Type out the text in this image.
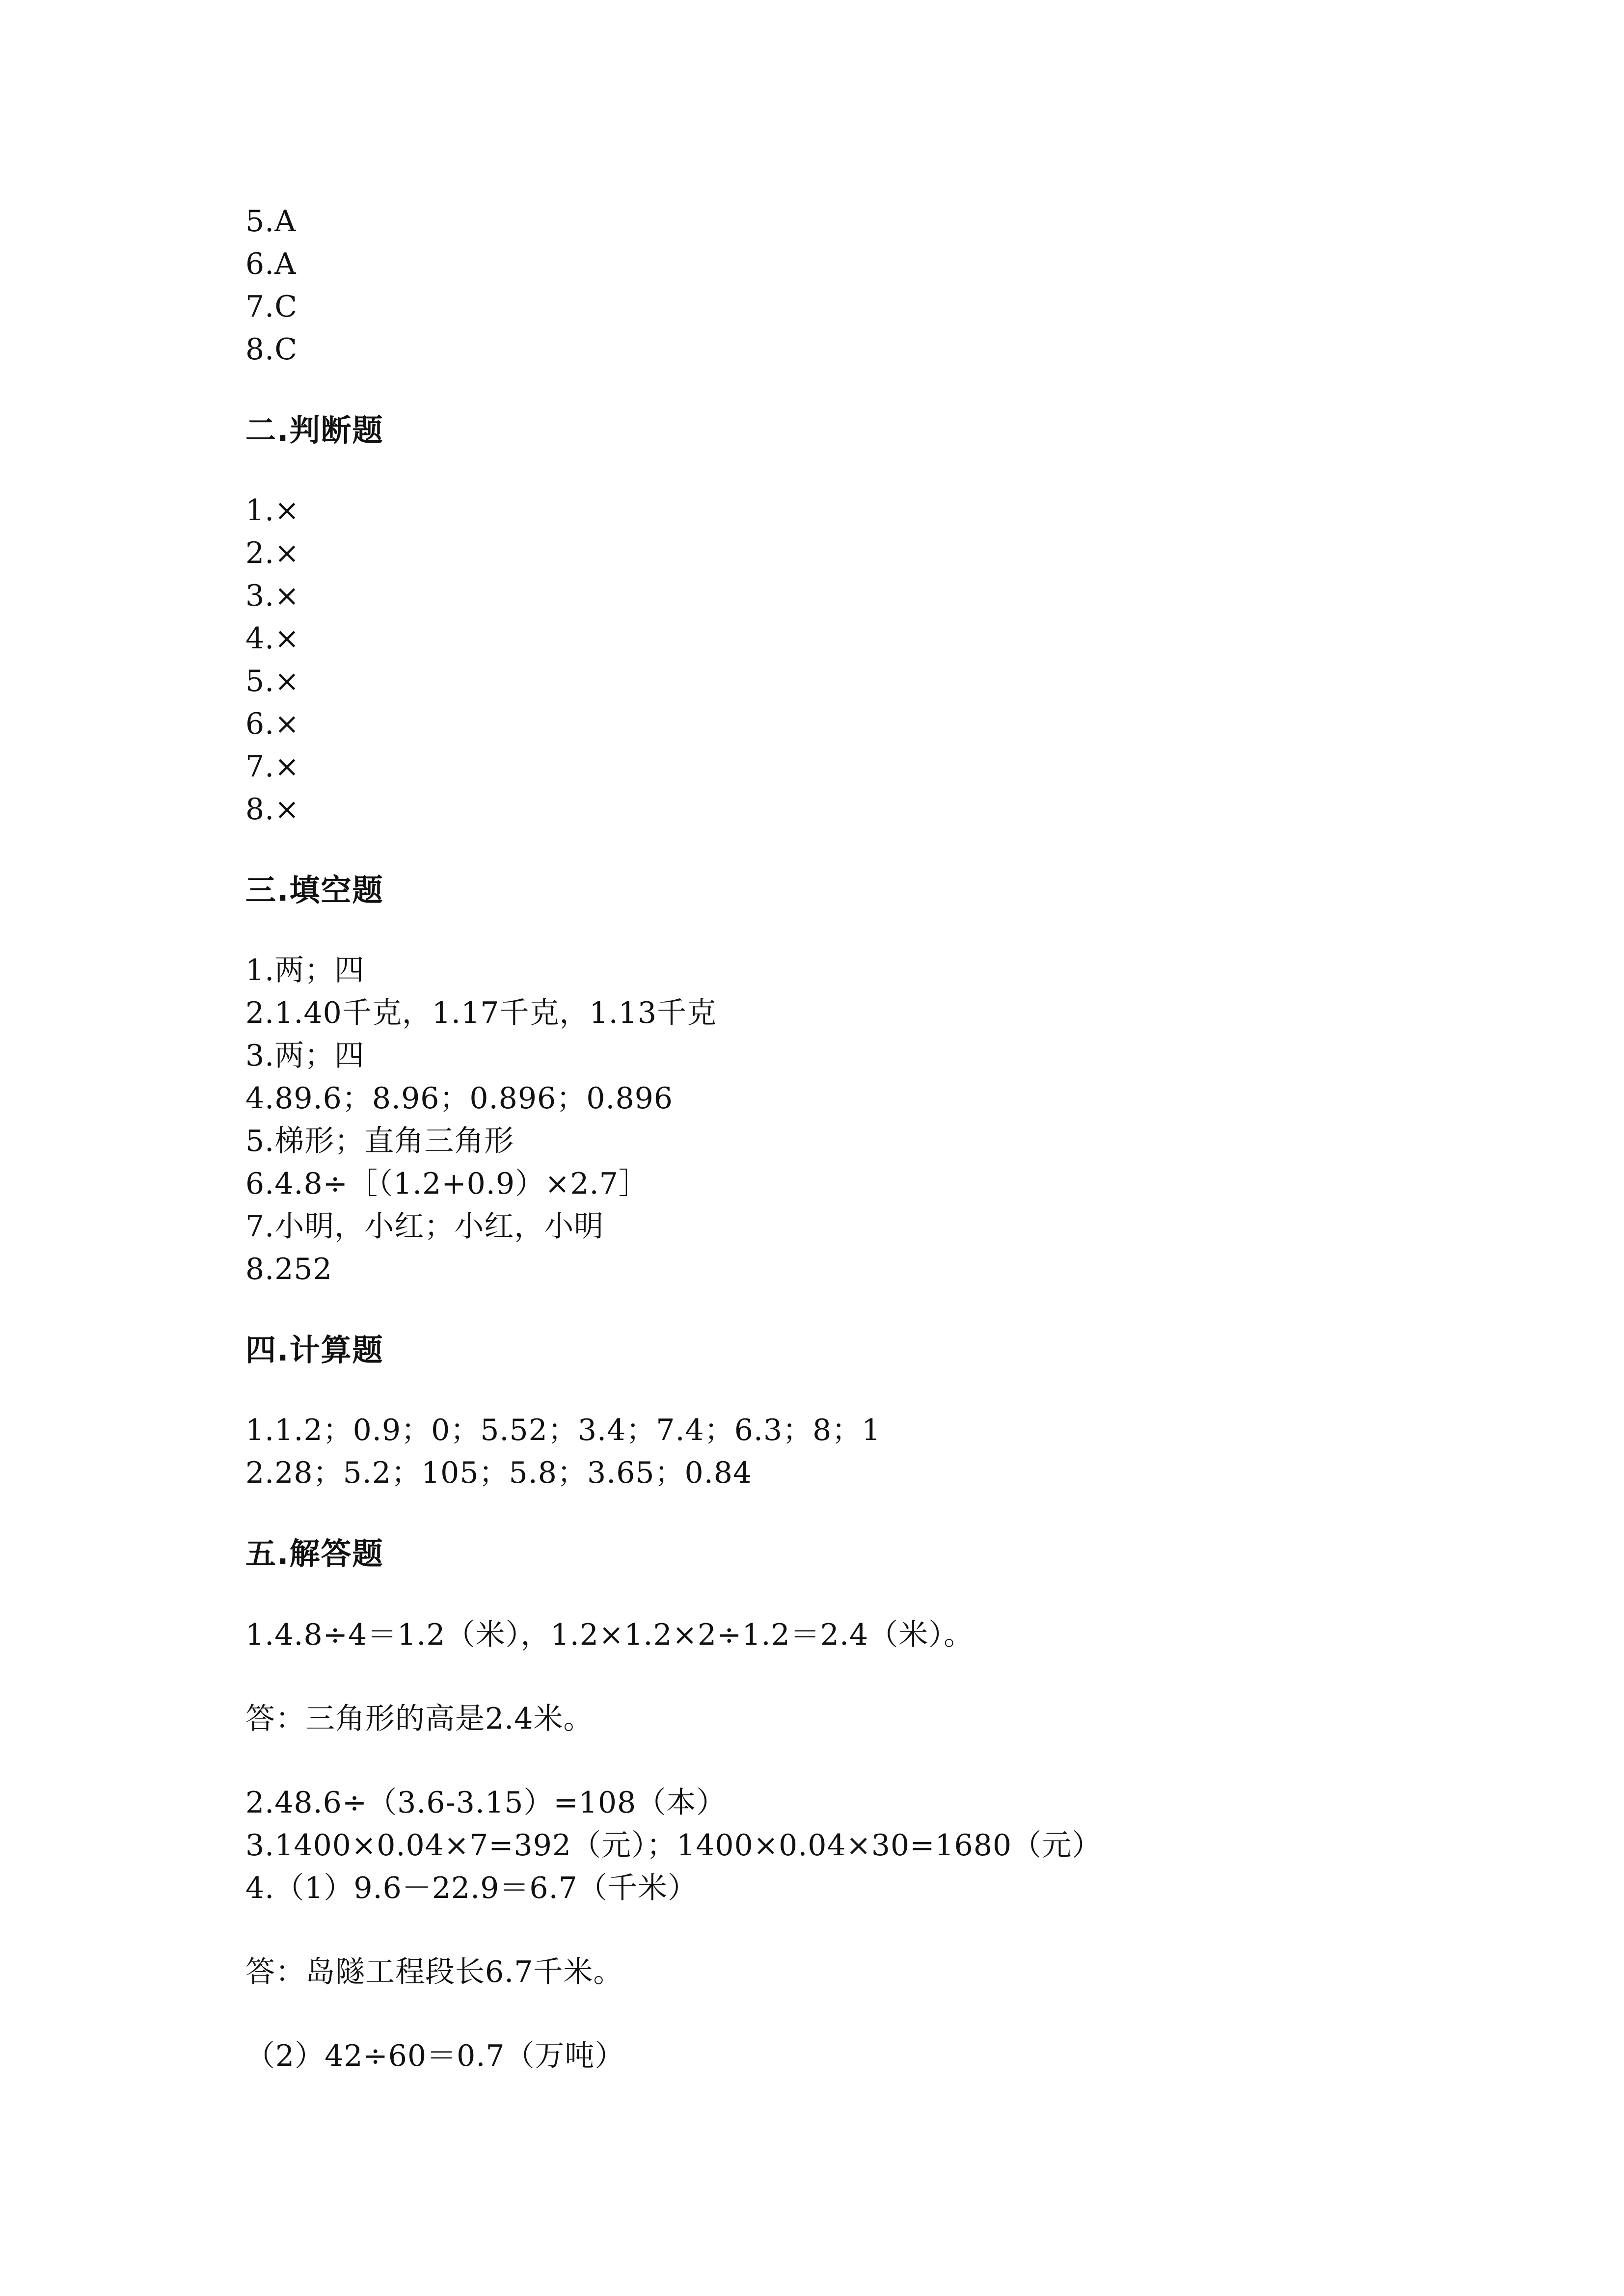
5.A
6.A
7.C
8.C
二.判断题
1.×
2.×
3.×
4.×
5.×
6.×
7.×
8.×
三.填空题
1.两；四
2.1.40千克，1.17千克，1.13千克
3.两；四
4.89.6；8.96；0.896；0.896
5.梯形；直角三角形
6.4.8÷［（1.2+0.9）×2.7］
7.小明，小红；小红，小明
8.252
四.计算题
1.1.2；0.9；0；5.52；3.4；7.4；6.3；8；1
2.28；5.2；105；5.8；3.65；0.84
五.解答题
1.4.8÷4＝1.2（米），1.2×1.2×2÷1.2＝2.4（米）。
答：三角形的高是2.4米。
2.48.6÷（3.6-3.15）=108（本）
3.1400×0.04×7=392（元）；1400×0.04×30=1680（元）
4.（1）9.6－22.9＝6.7（千米）
答：岛隧工程段长6.7千米。
（2）42÷60＝0.7（万吨）
